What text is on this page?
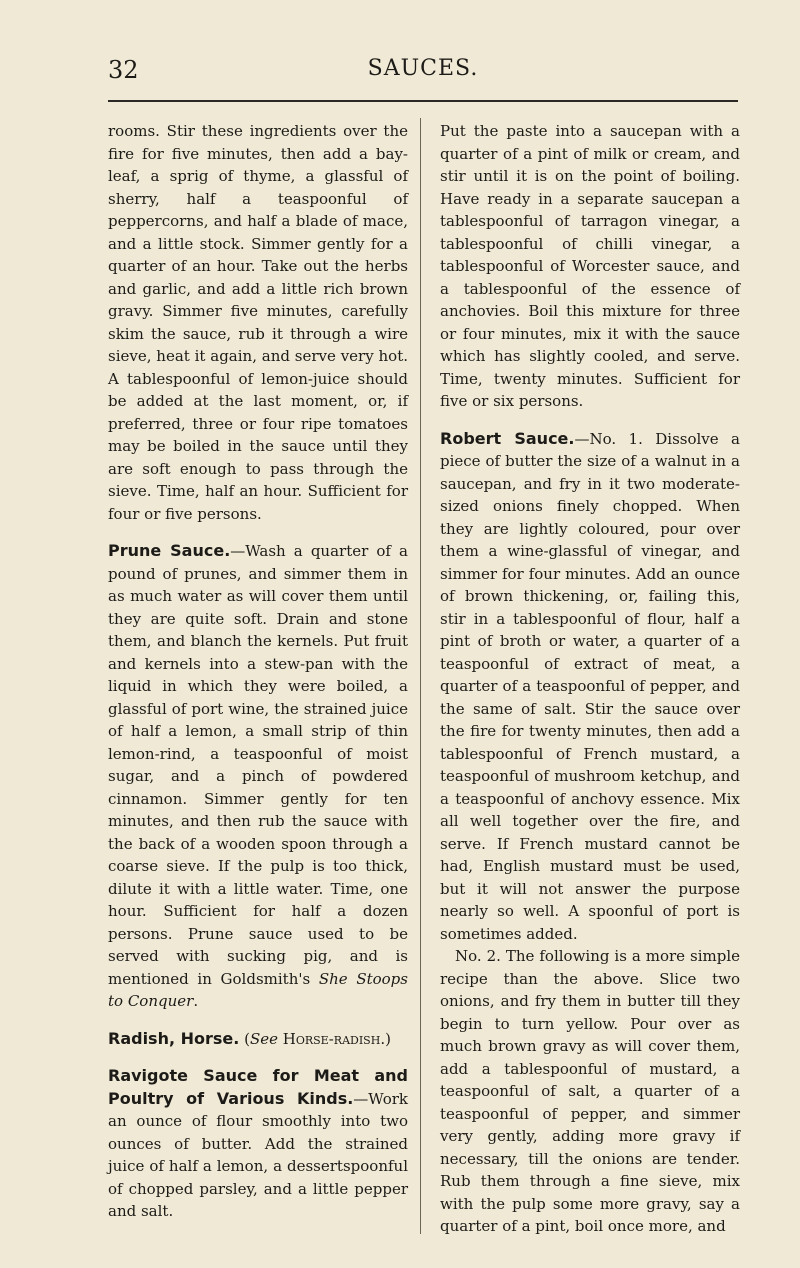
32	SAUCES.

rooms. Stir these ingredients over the fire for five minutes, then add a bay-leaf, a sprig of thyme, a glassful of sherry, half a teaspoonful of peppercorns, and half a blade of mace, and a little stock. Simmer gently for a quarter of an hour. Take out the herbs and garlic, and add a little rich brown gravy. Simmer five minutes, carefully skim the sauce, rub it through a wire sieve, heat it again, and serve very hot. A tablespoonful of lemon-juice should be added at the last moment, or, if preferred, three or four ripe tomatoes may be boiled in the sauce until they are soft enough to pass through the sieve. Time, half an hour. Sufficient for four or five persons.

Prune Sauce.—Wash a quarter of a pound of prunes, and simmer them in as much water as will cover them until they are quite soft. Drain and stone them, and blanch the kernels. Put fruit and kernels into a stew-pan with the liquid in which they were boiled, a glassful of port wine, the strained juice of half a lemon, a small strip of thin lemon-rind, a teaspoonful of moist sugar, and a pinch of powdered cinnamon. Simmer gently for ten minutes, and then rub the sauce with the back of a wooden spoon through a coarse sieve. If the pulp is too thick, dilute it with a little water. Time, one hour. Sufficient for half a dozen persons. Prune sauce used to be served with sucking pig, and is mentioned in Goldsmith's She Stoops to Conquer.

Radish, Horse. (See Horse-radish.)

Ravigote Sauce for Meat and Poultry of Various Kinds.—Work an ounce of flour smoothly into two ounces of butter. Add the strained juice of half a lemon, a dessertspoonful of chopped parsley, and a little pepper and salt.

Put the paste into a saucepan with a quarter of a pint of milk or cream, and stir until it is on the point of boiling. Have ready in a separate saucepan a tablespoonful of tarragon vinegar, a tablespoonful of chilli vinegar, a tablespoonful of Worcester sauce, and a tablespoonful of the essence of anchovies. Boil this mixture for three or four minutes, mix it with the sauce which has slightly cooled, and serve. Time, twenty minutes. Sufficient for five or six persons.

Robert Sauce.—No. 1. Dissolve a piece of butter the size of a walnut in a saucepan, and fry in it two moderate-sized onions finely chopped. When they are lightly coloured, pour over them a wine-glassful of vinegar, and simmer for four minutes. Add an ounce of brown thickening, or, failing this, stir in a tablespoonful of flour, half a pint of broth or water, a quarter of a teaspoonful of extract of meat, a quarter of a teaspoonful of pepper, and the same of salt. Stir the sauce over the fire for twenty minutes, then add a tablespoonful of French mustard, a teaspoonful of mushroom ketchup, and a teaspoonful of anchovy essence. Mix all well together over the fire, and serve. If French mustard cannot be had, English mustard must be used, but it will not answer the purpose nearly so well. A spoonful of port is sometimes added.

No. 2. The following is a more simple recipe than the above. Slice two onions, and fry them in butter till they begin to turn yellow. Pour over as much brown gravy as will cover them, add a tablespoonful of mustard, a teaspoonful of salt, a quarter of a teaspoonful of pepper, and simmer very gently, adding more gravy if necessary, till the onions are tender. Rub them through a fine sieve, mix with the pulp some more gravy, say a quarter of a pint, boil once more, and
